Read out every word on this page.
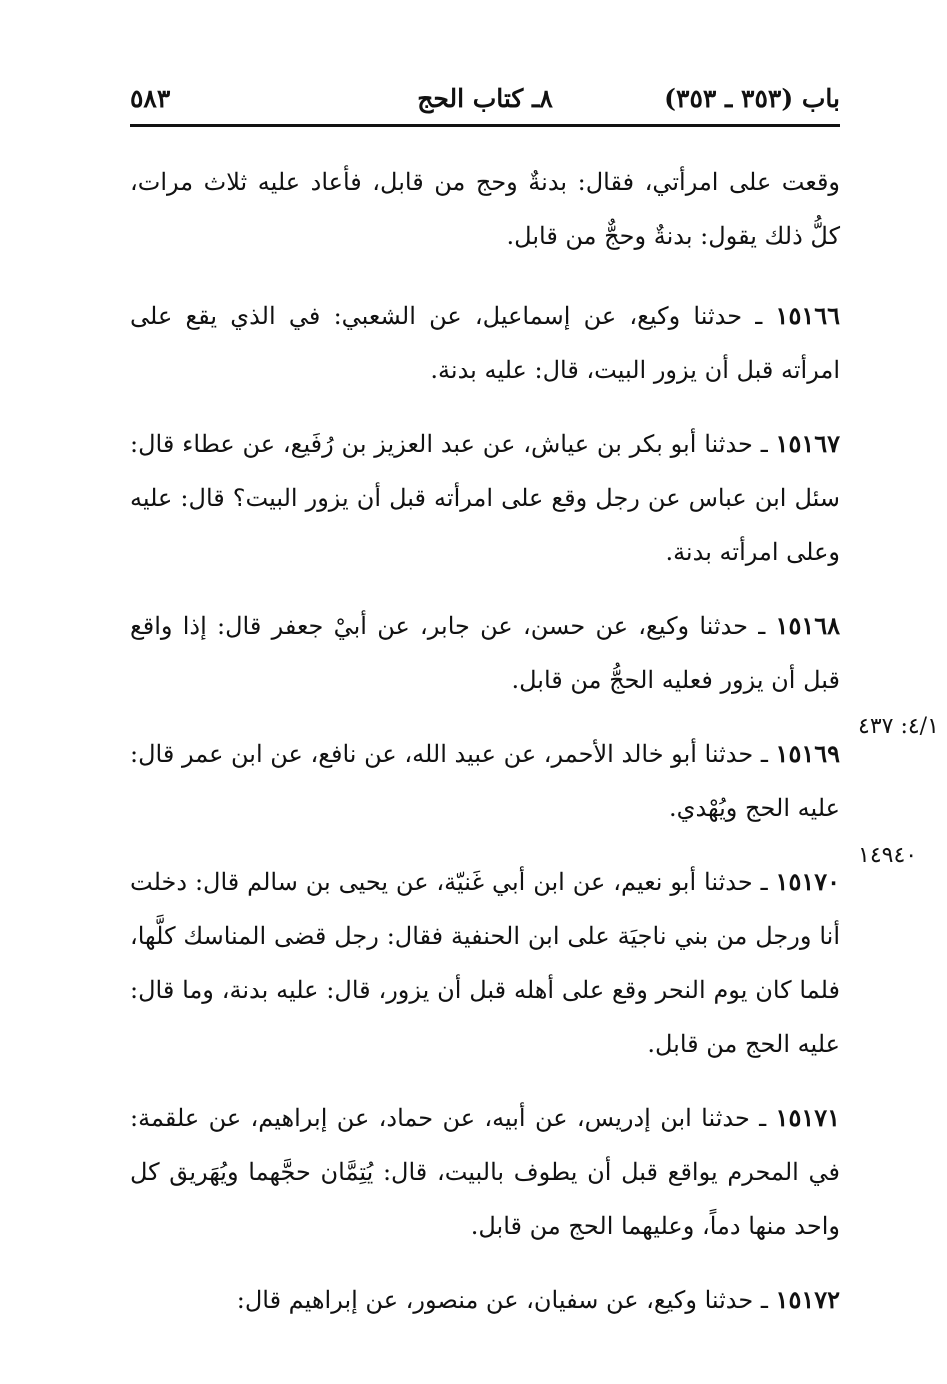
باب (٣٥٣ ـ ٣٥٣)
٨ـ كتاب الحج
٥٨٣

وقعت على امرأتي، فقال: بدنةٌ وحج من قابل، فأعاد عليه ثلاث مرات، كلُّ ذلك يقول: بدنةٌ وحجٌّ من قابل.

١٥١٦٦ ـ حدثنا وكيع، عن إسماعيل، عن الشعبي: في الذي يقع على امرأته قبل أن يزور البيت، قال: عليه بدنة.

١٥١٦٧ ـ حدثنا أبو بكر بن عياش، عن عبد العزيز بن رُفَيع، عن عطاء قال: سئل ابن عباس عن رجل وقع على امرأته قبل أن يزور البيت؟ قال: عليه وعلى امرأته بدنة.

١٥١٦٨ ـ حدثنا وكيع، عن حسن، عن جابر، عن أبيْ جعفر قال: إذا واقع قبل أن يزور فعليه الحجُّ من قابل.

١٥١٦٩ ـ حدثنا أبو خالد الأحمر، عن عبيد الله، عن نافع، عن ابن عمر قال: عليه الحج ويُهْدي.

١٥١٧٠ ـ حدثنا أبو نعيم، عن ابن أبي غَنيّة، عن يحيى بن سالم قال: دخلت أنا ورجل من بني ناجيَة على ابن الحنفية فقال: رجل قضى المناسك كلَّها، فلما كان يوم النحر وقع على أهله قبل أن يزور، قال: عليه بدنة، وما قال: عليه الحج من قابل.

١٥١٧١ ـ حدثنا ابن إدريس، عن أبيه، عن حماد، عن إبراهيم، عن علقمة: في المحرم يواقع قبل أن يطوف بالبيت، قال: يُتِمَّان حجَّهما ويُهَريق كل واحد منها دماً، وعليهما الحج من قابل.

١٥١٧٢ ـ حدثنا وكيع، عن سفيان، عن منصور، عن إبراهيم قال:

٤/١: ٤٣٧
١٤٩٤٠
